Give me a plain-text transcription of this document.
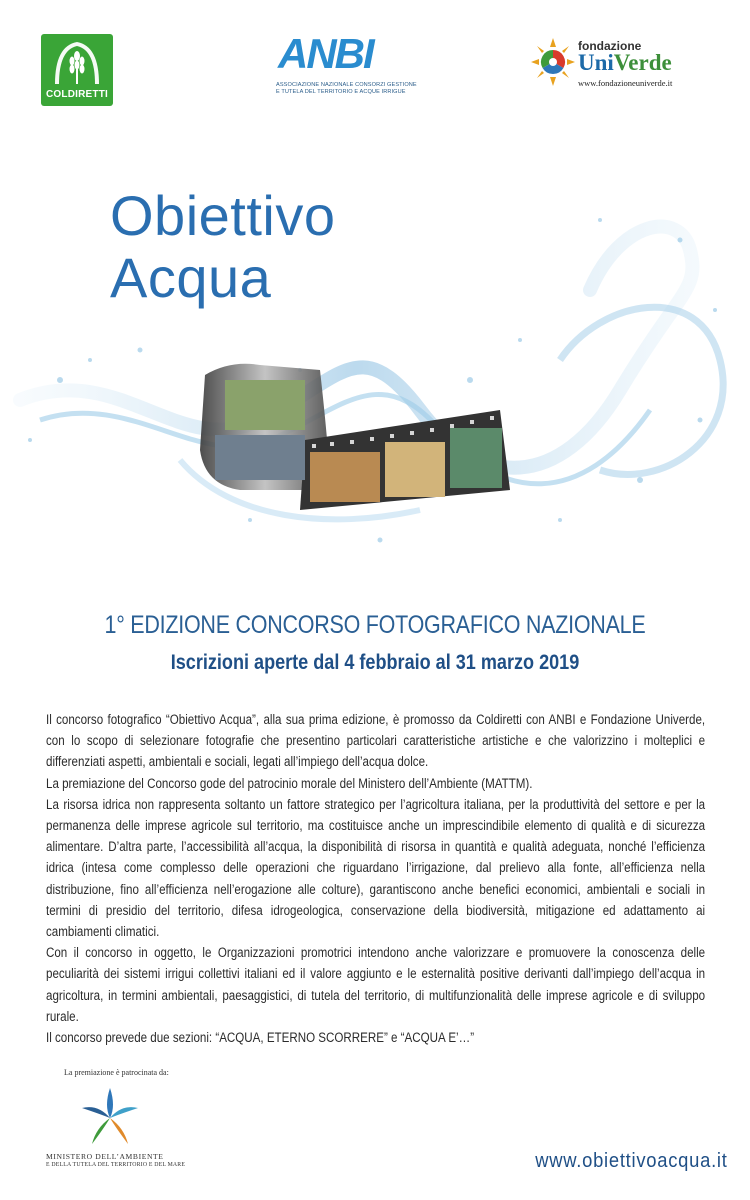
COLDIRETTI
ANBI
ASSOCIAZIONE NAZIONALE CONSORZI GESTIONE
E TUTELA DEL TERRITORIO E ACQUE IRRIGUE
fondazione
UniVerde
www.fondazioneuniverde.it
Obiettivo
Acqua
1° EDIZIONE CONCORSO FOTOGRAFICO NAZIONALE
Iscrizioni aperte dal 4 febbraio al 31 marzo 2019

Il concorso fotografico “Obiettivo Acqua”, alla sua prima edizione, è promosso da Coldiretti con ANBI e Fondazione Univerde, con lo scopo di selezionare fotografie che presentino particolari caratteristiche artistiche e che valorizzino i molteplici e differenziati aspetti, ambientali e sociali, legati all’impiego dell’acqua dolce.

La premiazione del Concorso gode del patrocinio morale del Ministero dell’Ambiente (MATTM).

La risorsa idrica non rappresenta soltanto un fattore strategico per l’agricoltura italiana, per la produttività del settore e per la permanenza delle imprese agricole sul territorio, ma costituisce anche un imprescindibile elemento di qualità e di sicurezza alimentare. D’altra parte, l’accessibilità all’acqua, la disponibilità di risorsa in quantità e qualità adeguata, nonché l’efficienza idrica (intesa come complesso delle operazioni che riguardano l’irrigazione, dal prelievo alla fonte, all’efficienza nella distribuzione, fino all’efficienza nell’erogazione alle colture), garantiscono anche benefici economici, ambientali e sociali in termini di presidio del territorio, difesa idrogeologica, conservazione della biodiversità, mitigazione ed adattamento ai cambiamenti climatici.

Con il concorso in oggetto, le Organizzazioni promotrici intendono anche valorizzare e promuovere la conoscenza delle peculiarità dei sistemi irrigui collettivi italiani ed il valore aggiunto e le esternalità positive derivanti dall’impiego dell’acqua in agricoltura, in termini ambientali, paesaggistici, di tutela del territorio, di multifunzionalità delle imprese agricole e di sviluppo rurale.

Il concorso prevede due sezioni: “ACQUA, ETERNO SCORRERE” e “ACQUA E’…”

La premiazione è patrocinata da:
MINISTERO DELL’AMBIENTE
E DELLA TUTELA DEL TERRITORIO E DEL MARE	www.obiettivoacqua.it
